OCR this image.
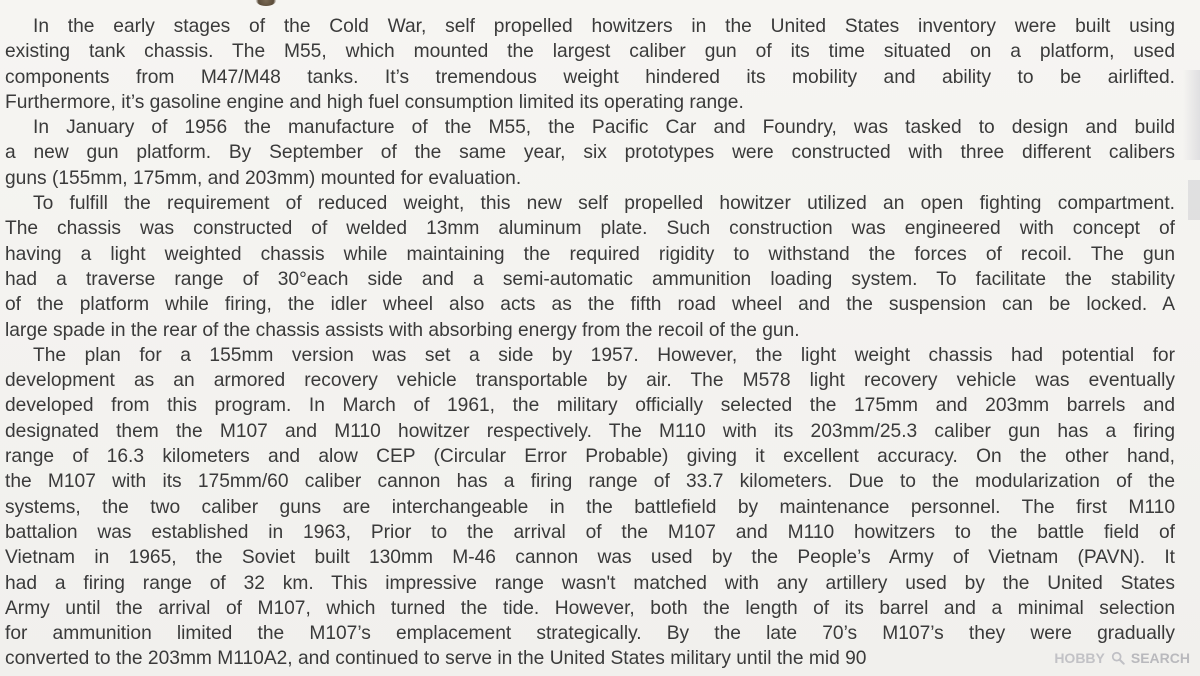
In the early stages of the Cold War, self propelled howitzers in the United States inventory were built using
existing tank chassis. The M55, which mounted the largest caliber gun of its time situated on a platform, used
components from M47/M48 tanks. It’s tremendous weight hindered its mobility and ability to be airlifted.
Furthermore, it’s gasoline engine and high fuel consumption limited its operating range.
In January of 1956 the manufacture of the M55, the Pacific Car and Foundry, was tasked to design and build
a new gun platform. By September of the same year, six prototypes were constructed with three different calibers
guns (155mm, 175mm, and 203mm) mounted for evaluation.
To fulfill the requirement of reduced weight, this new self propelled howitzer utilized an open fighting compartment.
The chassis was constructed of welded 13mm aluminum plate. Such construction was engineered with concept of
having a light weighted chassis while maintaining the required rigidity to withstand the forces of recoil. The gun
had a traverse range of 30°each side and a semi-automatic ammunition loading system. To facilitate the stability
of the platform while firing, the idler wheel also acts as the fifth road wheel and the suspension can be locked. A
large spade in the rear of the chassis assists with absorbing energy from the recoil of the gun.
The plan for a 155mm version was set a side by 1957. However, the light weight chassis had potential for
development as an armored recovery vehicle transportable by air. The M578 light recovery vehicle was eventually
developed from this program. In March of 1961, the military officially selected the 175mm and 203mm barrels and
designated them the M107 and M110 howitzer respectively. The M110 with its 203mm/25.3 caliber gun has a firing
range of 16.3 kilometers and alow CEP (Circular Error Probable) giving it excellent accuracy. On the other hand,
the M107 with its 175mm/60 caliber cannon has a firing range of 33.7 kilometers. Due to the modularization of the
systems, the two caliber guns are interchangeable in the battlefield by maintenance personnel. The first M110
battalion was established in 1963, Prior to the arrival of the M107 and M110 howitzers to the battle field of
Vietnam in 1965, the Soviet built 130mm M-46 cannon was used by the People’s Army of Vietnam (PAVN). It
had a firing range of 32 km. This impressive range wasn't matched with any artillery used by the United States
Army until the arrival of M107, which turned the tide. However, both the length of its barrel and a minimal selection
for ammunition limited the M107’s emplacement strategically. By the late 70’s M107’s they were gradually
converted to the 203mm M110A2, and continued to serve in the United States military until the mid 90	HOBBY SEARCH
